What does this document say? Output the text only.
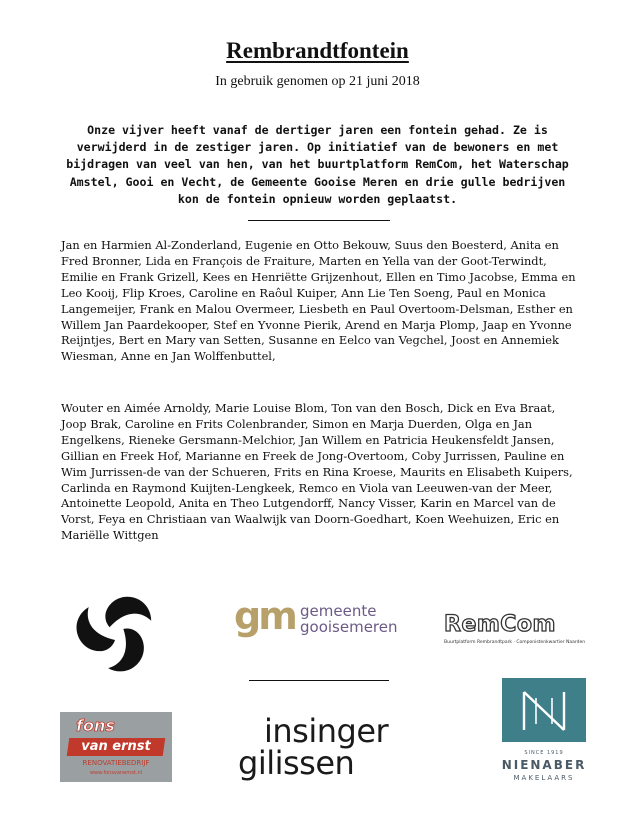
Rembrandtfontein
In gebruik genomen op 21 juni 2018
Onze vijver heeft vanaf de dertiger jaren een fontein gehad. Ze is verwijderd in de zestiger jaren. Op initiatief van de bewoners en met bijdragen van veel van hen, van het buurtplatform RemCom, het Waterschap Amstel, Gooi en Vecht, de Gemeente Gooise Meren en drie gulle bedrijven kon de fontein opnieuw worden geplaatst.
Jan en Harmien Al-Zonderland, Eugenie en Otto Bekouw, Suus den Boesterd, Anita en Fred Bronner, Lida en François de Fraiture, Marten en Yella van der Goot-Terwindt, Emilie en Frank Grizell, Kees en Henriëtte Grijzenhout, Ellen en Timo Jacobse, Emma en Leo Kooij, Flip Kroes, Caroline en Raôul Kuiper, Ann Lie Ten Soeng, Paul en Monica Langemeijer, Frank en Malou Overmeer, Liesbeth en Paul Overtoom-Delsman, Esther en Willem Jan Paardekooper, Stef en Yvonne Pierik, Arend en Marja Plomp, Jaap en Yvonne Reijntjes, Bert en Mary van Setten, Susanne en Eelco van Vegchel, Joost en Annemiek Wiesman, Anne en Jan Wolffenbuttel,
Wouter en Aimée Arnoldy, Marie Louise Blom, Ton van den Bosch, Dick en Eva Braat, Joop Brak, Caroline en Frits Colenbrander, Simon en Marja Duerden, Olga en Jan Engelkens, Rieneke Gersmann-Melchior, Jan Willem en Patricia Heukensfeldt Jansen, Gillian en Freek Hof, Marianne en Freek de Jong-Overtoom, Coby Jurrissen, Pauline en Wim Jurrissen-de van der Schueren, Frits en Rina Kroese, Maurits en Elisabeth Kuipers, Carlinda en Raymond Kuijten-Lengkeek, Remco en Viola van Leeuwen-van der Meer, Antoinette Leopold, Anita en Theo Lutgendorff, Nancy Visser, Karin en Marcel van de Vorst, Feya en Christiaan van Waalwijk van Doorn-Goedhart, Koen Weehuizen, Eric en Mariëlle Wittgen
gm gemeente
gooisemeren RemCom
Buurtplatform Rembrandtpark · Componistenkwartier Naarden
fons
van ernst
RENOVATIEBEDRIJF
www.fonsvanernst.nl
insinger
gilissen	SINCE 1919
NIENABER
MAKELAARS
